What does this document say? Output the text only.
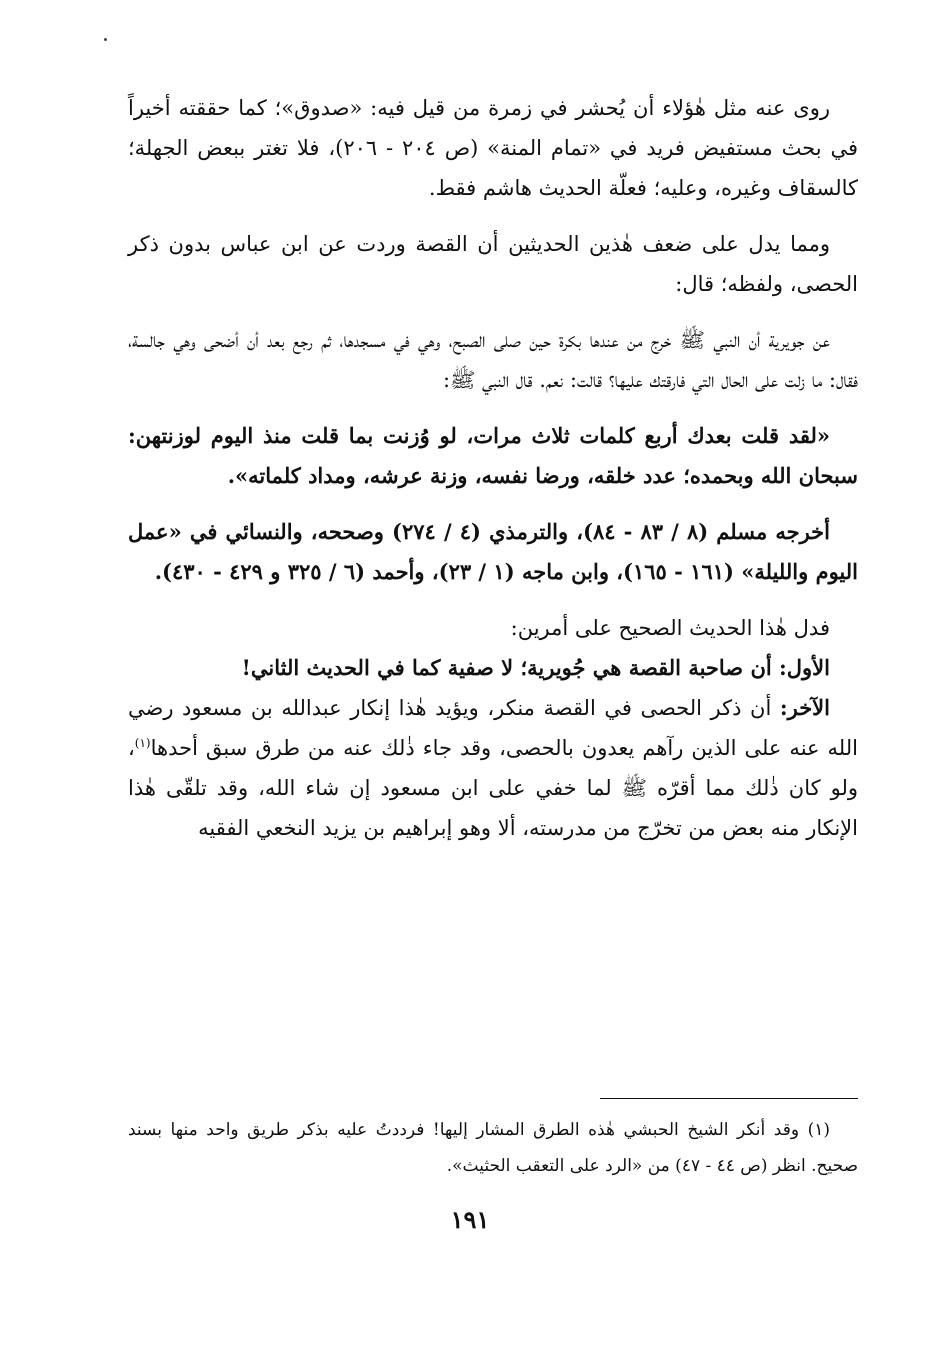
روى عنه مثل هٰؤلاء أن يُحشر في زمرة من قيل فيه: «صدوق»؛ كما حققته أخيراً في بحث مستفيض فريد في «تمام المنة» (ص ٢٠٤ - ٢٠٦)، فلا تغتر ببعض الجهلة؛ كالسقاف وغيره، وعليه؛ فعلّة الحديث هاشم فقط.

ومما يدل على ضعف هٰذين الحديثين أن القصة وردت عن ابن عباس بدون ذكر الحصى، ولفظه؛ قال:

عن جويرية أن النبي ﷺ خرج من عندها بكرة حين صلى الصبح، وهي في مسجدها، ثم رجع بعد أن أضحى وهي جالسة، فقال: ما زلت على الحال التي فارقتك عليها؟ قالت: نعم. قال النبي ﷺ:

«لقد قلت بعدك أربع كلمات ثلاث مرات، لو وُزنت بما قلت منذ اليوم لوزنتهن: سبحان الله وبحمده؛ عدد خلقه، ورضا نفسه، وزنة عرشه، ومداد كلماته».

أخرجه مسلم (٨ / ٨٣ - ٨٤)، والترمذي (٤ / ٢٧٤) وصححه، والنسائي في «عمل اليوم والليلة» (١٦١ - ١٦٥)، وابن ماجه (١ / ٢٣)، وأحمد (٦ / ٣٢٥ و ٤٢٩ - ٤٣٠).

فدل هٰذا الحديث الصحيح على أمرين:

الأول: أن صاحبة القصة هي جُويرية؛ لا صفية كما في الحديث الثاني!

الآخر: أن ذكر الحصى في القصة منكر، ويؤيد هٰذا إنكار عبدالله بن مسعود رضي الله عنه على الذين رآهم يعدون بالحصى، وقد جاء ذٰلك عنه من طرق سبق أحدها$^{(١)}$، ولو كان ذٰلك مما أقرّه ﷺ لما خفي على ابن مسعود إن شاء الله، وقد تلقّى هٰذا الإنكار منه بعض من تخرّج من مدرسته، ألا وهو إبراهيم بن يزيد النخعي الفقيه

(١) وقد أنكر الشيخ الحبشي هٰذه الطرق المشار إليها! فرددتُ عليه بذكر طريق واحد منها بسند صحيح. انظر (ص ٤٤ - ٤٧) من «الرد على التعقب الحثيث».

١٩١
